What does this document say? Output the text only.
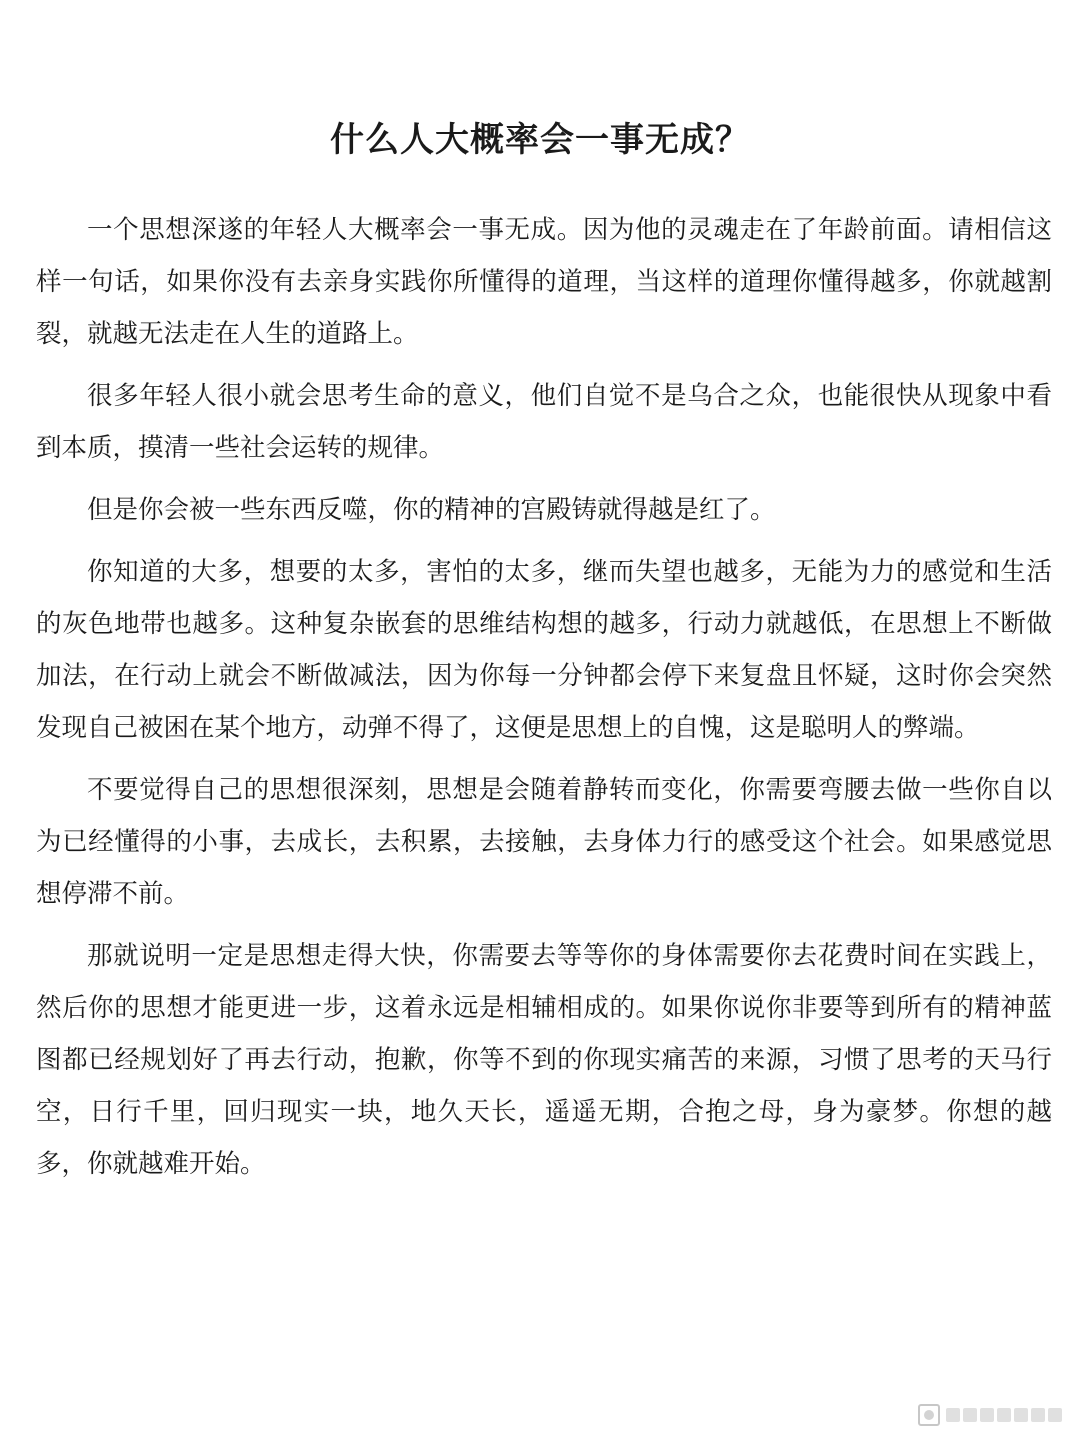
什么人大概率会一事无成？

一个思想深遂的年轻人大概率会一事无成。因为他的灵魂走在了年龄前面。请相信这样一句话，如果你没有去亲身实践你所懂得的道理，当这样的道理你懂得越多，你就越割裂，就越无法走在人生的道路上。

很多年轻人很小就会思考生命的意义，他们自觉不是乌合之众，也能很快从现象中看到本质，摸清一些社会运转的规律。

但是你会被一些东西反噬，你的精神的宫殿铸就得越是红了。

你知道的大多，想要的太多，害怕的太多，继而失望也越多，无能为力的感觉和生活的灰色地带也越多。这种复杂嵌套的思维结构想的越多，行动力就越低，在思想上不断做加法，在行动上就会不断做减法，因为你每一分钟都会停下来复盘且怀疑，这时你会突然发现自己被困在某个地方，动弹不得了，这便是思想上的自愧，这是聪明人的弊端。

不要觉得自己的思想很深刻，思想是会随着静转而变化，你需要弯腰去做一些你自以为已经懂得的小事，去成长，去积累，去接触，去身体力行的感受这个社会。如果感觉思想停滞不前。

那就说明一定是思想走得大快，你需要去等等你的身体需要你去花费时间在实践上，然后你的思想才能更进一步，这着永远是相辅相成的。如果你说你非要等到所有的精神蓝图都已经规划好了再去行动，抱歉，你等不到的你现实痛苦的来源，习惯了思考的天马行空，日行千里，回归现实一块，地久天长，遥遥无期，合抱之母，身为豪梦。你想的越多，你就越难开始。
